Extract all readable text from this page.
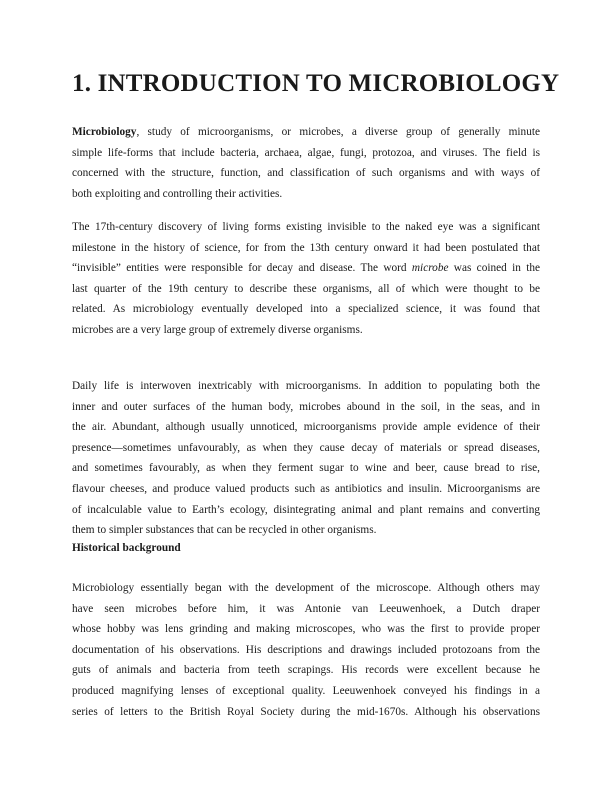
1. INTRODUCTION TO MICROBIOLOGY
Microbiology, study of microorganisms, or microbes, a diverse group of generally minute
simple life-forms that include bacteria, archaea, algae, fungi, protozoa, and viruses. The field is
concerned with the structure, function, and classification of such organisms and with ways of
both exploiting and controlling their activities.
The 17th-century discovery of living forms existing invisible to the naked eye was a significant
milestone in the history of science, for from the 13th century onward it had been postulated that
“invisible” entities were responsible for decay and disease. The word microbe was coined in the
last quarter of the 19th century to describe these organisms, all of which were thought to be
related. As microbiology eventually developed into a specialized science, it was found that
microbes are a very large group of extremely diverse organisms.
Daily life is interwoven inextricably with microorganisms. In addition to populating both the
inner and outer surfaces of the human body, microbes abound in the soil, in the seas, and in
the air. Abundant, although usually unnoticed, microorganisms provide ample evidence of their
presence—sometimes unfavourably, as when they cause decay of materials or spread diseases,
and sometimes favourably, as when they ferment sugar to wine and beer, cause bread to rise,
flavour cheeses, and produce valued products such as antibiotics and insulin. Microorganisms are
of incalculable value to Earth’s ecology, disintegrating animal and plant remains and converting
them to simpler substances that can be recycled in other organisms.
Historical background
Microbiology essentially began with the development of the microscope. Although others may
have seen microbes before him, it was Antonie van Leeuwenhoek, a Dutch draper
whose hobby was lens grinding and making microscopes, who was the first to provide proper
documentation of his observations. His descriptions and drawings included protozoans from the
guts of animals and bacteria from teeth scrapings. His records were excellent because he
produced magnifying lenses of exceptional quality. Leeuwenhoek conveyed his findings in a
series of letters to the British Royal Society during the mid-1670s. Although his observations
